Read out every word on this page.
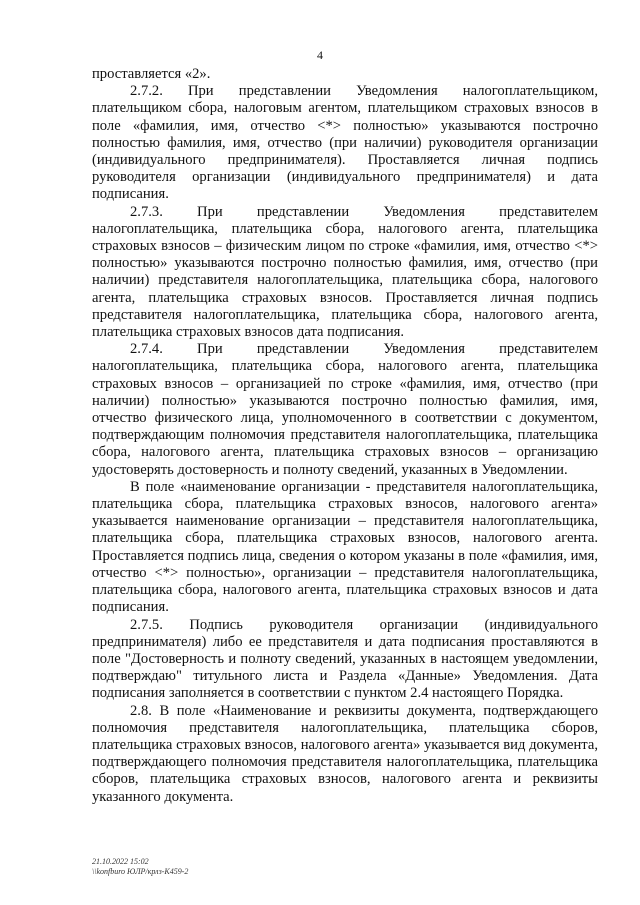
4

проставляется «2».

2.7.2. При представлении Уведомления налогоплательщиком, плательщиком сбора, налоговым агентом, плательщиком страховых взносов в поле «фамилия, имя, отчество <*> полностью» указываются построчно полностью фамилия, имя, отчество (при наличии) руководителя организации (индивидуального предпринимателя). Проставляется личная подпись руководителя организации (индивидуального предпринимателя) и дата подписания.

2.7.3. При представлении Уведомления представителем налогоплательщика, плательщика сбора, налогового агента, плательщика страховых взносов – физическим лицом по строке «фамилия, имя, отчество <*> полностью» указываются построчно полностью фамилия, имя, отчество (при наличии) представителя налогоплательщика, плательщика сбора, налогового агента, плательщика страховых взносов. Проставляется личная подпись представителя налогоплательщика, плательщика сбора, налогового агента, плательщика страховых взносов дата подписания.

2.7.4. При представлении Уведомления представителем налогоплательщика, плательщика сбора, налогового агента, плательщика страховых взносов – организацией по строке «фамилия, имя, отчество (при наличии) полностью» указываются построчно полностью фамилия, имя, отчество физического лица, уполномоченного в соответствии с документом, подтверждающим полномочия представителя налогоплательщика, плательщика сбора, налогового агента, плательщика страховых взносов – организацию удостоверять достоверность и полноту сведений, указанных в Уведомлении.

В поле «наименование организации - представителя налогоплательщика, плательщика сбора, плательщика страховых взносов, налогового агента» указывается наименование организации – представителя налогоплательщика, плательщика сбора, плательщика страховых взносов, налогового агента. Проставляется подпись лица, сведения о котором указаны в поле «фамилия, имя, отчество <*> полностью», организации – представителя налогоплательщика, плательщика сбора, налогового агента, плательщика страховых взносов и дата подписания.

2.7.5. Подпись руководителя организации (индивидуального предпринимателя) либо ее представителя и дата подписания проставляются в поле "Достоверность и полноту сведений, указанных в настоящем уведомлении, подтверждаю" титульного листа и Раздела «Данные» Уведомления. Дата подписания заполняется в соответствии с пунктом 2.4 настоящего Порядка.

2.8. В поле «Наименование и реквизиты документа, подтверждающего полномочия представителя налогоплательщика, плательщика сборов, плательщика страховых взносов, налогового агента» указывается вид документа, подтверждающего полномочия представителя налогоплательщика, плательщика сборов, плательщика страховых взносов, налогового агента и реквизиты указанного документа.

21.10.2022 15:02
\\konfburo ЮЛР/крлз-К459-2
